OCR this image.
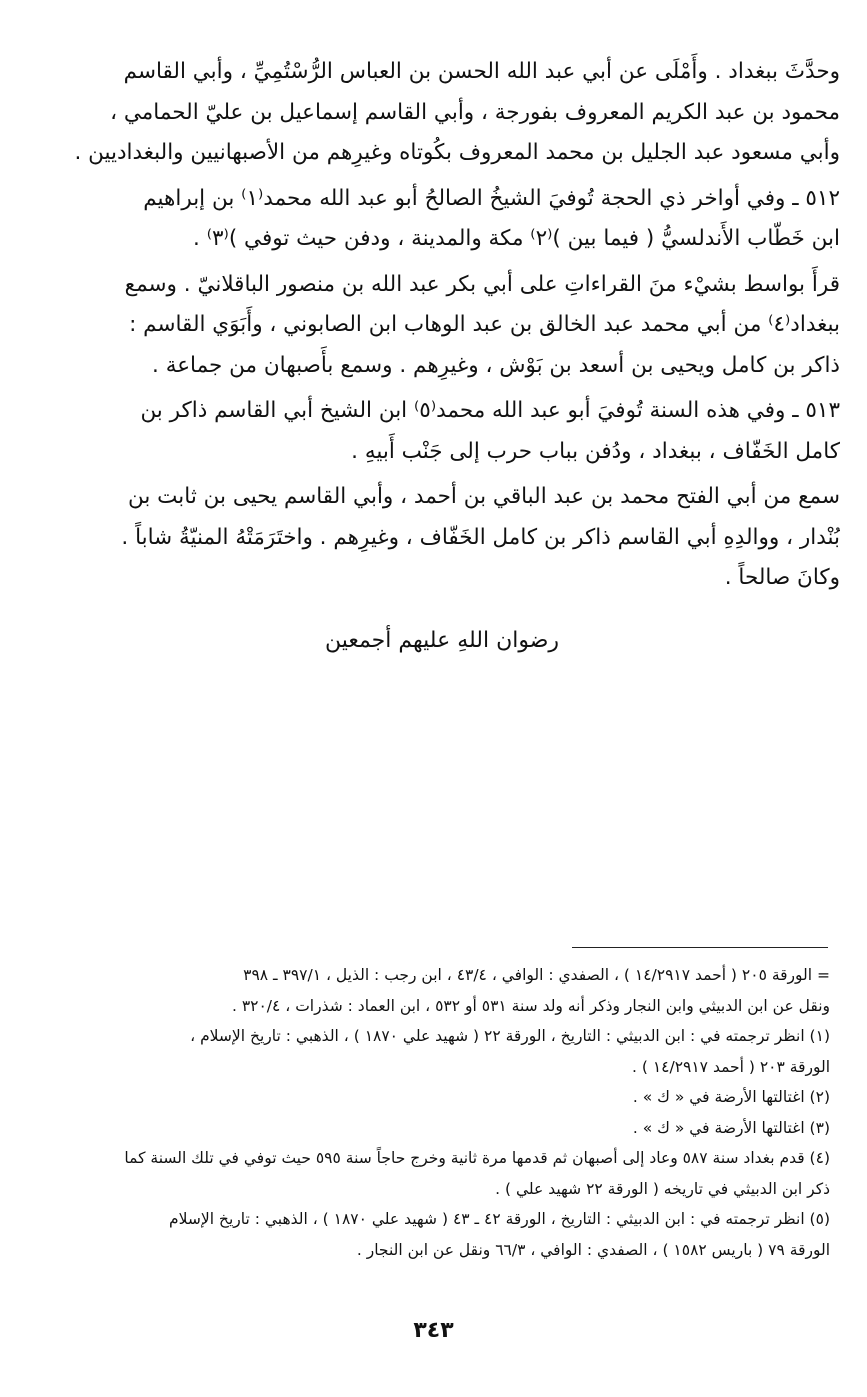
وحدَّثَ ببغداد . وأَمْلَى عن أبي عبد الله الحسن بن العباس الرُّسْتُمِيِّ ، وأبي القاسم
محمود بن عبد الكريم المعروف بفورجة ، وأبي القاسم إسماعيل بن عليّ الحمامي ،
وأبي مسعود عبد الجليل بن محمد المعروف بكُوتاه وغيرِهم من الأصبهانيين والبغداديين .
٥١٢ ـ وفي أواخر ذي الحجة تُوفيَ الشيخُ الصالحُ أبو عبد الله محمد⁽١⁾ بن إبراهيم
ابن خَطّاب الأَندلسيُّ ( فيما بين )⁽٢⁾ مكة والمدينة ، ودفن حيث توفي )⁽٣⁾ .
قرأَ بواسط بشيْء منَ القراءاتِ على أبي بكر عبد الله بن منصور الباقلانيّ . وسمع
ببغداد⁽٤⁾ من أبي محمد عبد الخالق بن عبد الوهاب ابن الصابوني ، وأَبَوَي القاسم :
ذاكر بن كامل ويحيى بن أسعد بن بَوْش ، وغيرِهم . وسمع بأَصبهان من جماعة .
٥١٣ ـ وفي هذه السنة تُوفيَ أبو عبد الله محمد⁽٥⁾ ابن الشيخ أبي القاسم ذاكر بن
كامل الخَفّاف ، ببغداد ، ودُفن بباب حرب إلى جَنْب أَبيهِ .
سمع من أبي الفتح محمد بن عبد الباقي بن أحمد ، وأبي القاسم يحيى بن ثابت بن
بُنْدار ، ووالدِهِ أبي القاسم ذاكر بن كامل الخَفّاف ، وغيرِهم . واختَرَمَتْهُ المنيّةُ شاباً .
وكانَ صالحاً .
رضوان اللهِ عليهم أجمعين
= الورقة ٢٠٥ ( أحمد ١٤/٢٩١٧ ) ، الصفدي : الوافي ، ٤٣/٤ ، ابن رجب : الذيل ، ٣٩٧/١ ـ ٣٩٨
ونقل عن ابن الدبيثي وابن النجار وذكر أنه ولد سنة ٥٣١ أو ٥٣٢ ، ابن العماد : شذرات ، ٣٢٠/٤ .
(١) انظر ترجمته في : ابن الدبيثي : التاريخ ، الورقة ٢٢ ( شهيد علي ١٨٧٠ ) ، الذهبي : تاريخ الإسلام ،
الورقة ٢٠٣ ( أحمد ١٤/٢٩١٧ ) .
(٢) اغتالتها الأرضة في « ك » .
(٣) اغتالتها الأرضة في « ك » .
(٤) قدم بغداد سنة ٥٨٧ وعاد إلى أصبهان ثم قدمها مرة ثانية وخرج حاجاً سنة ٥٩٥ حيث توفي في تلك السنة كما
ذكر ابن الدبيثي في تاريخه ( الورقة ٢٢ شهيد علي ) .
(٥) انظر ترجمته في : ابن الدبيثي : التاريخ ، الورقة ٤٢ ـ ٤٣ ( شهيد علي ١٨٧٠ ) ، الذهبي : تاريخ الإسلام
الورقة ٧٩ ( باريس ١٥٨٢ ) ، الصفدي : الوافي ، ٦٦/٣ ونقل عن ابن النجار .
٣٤٣
